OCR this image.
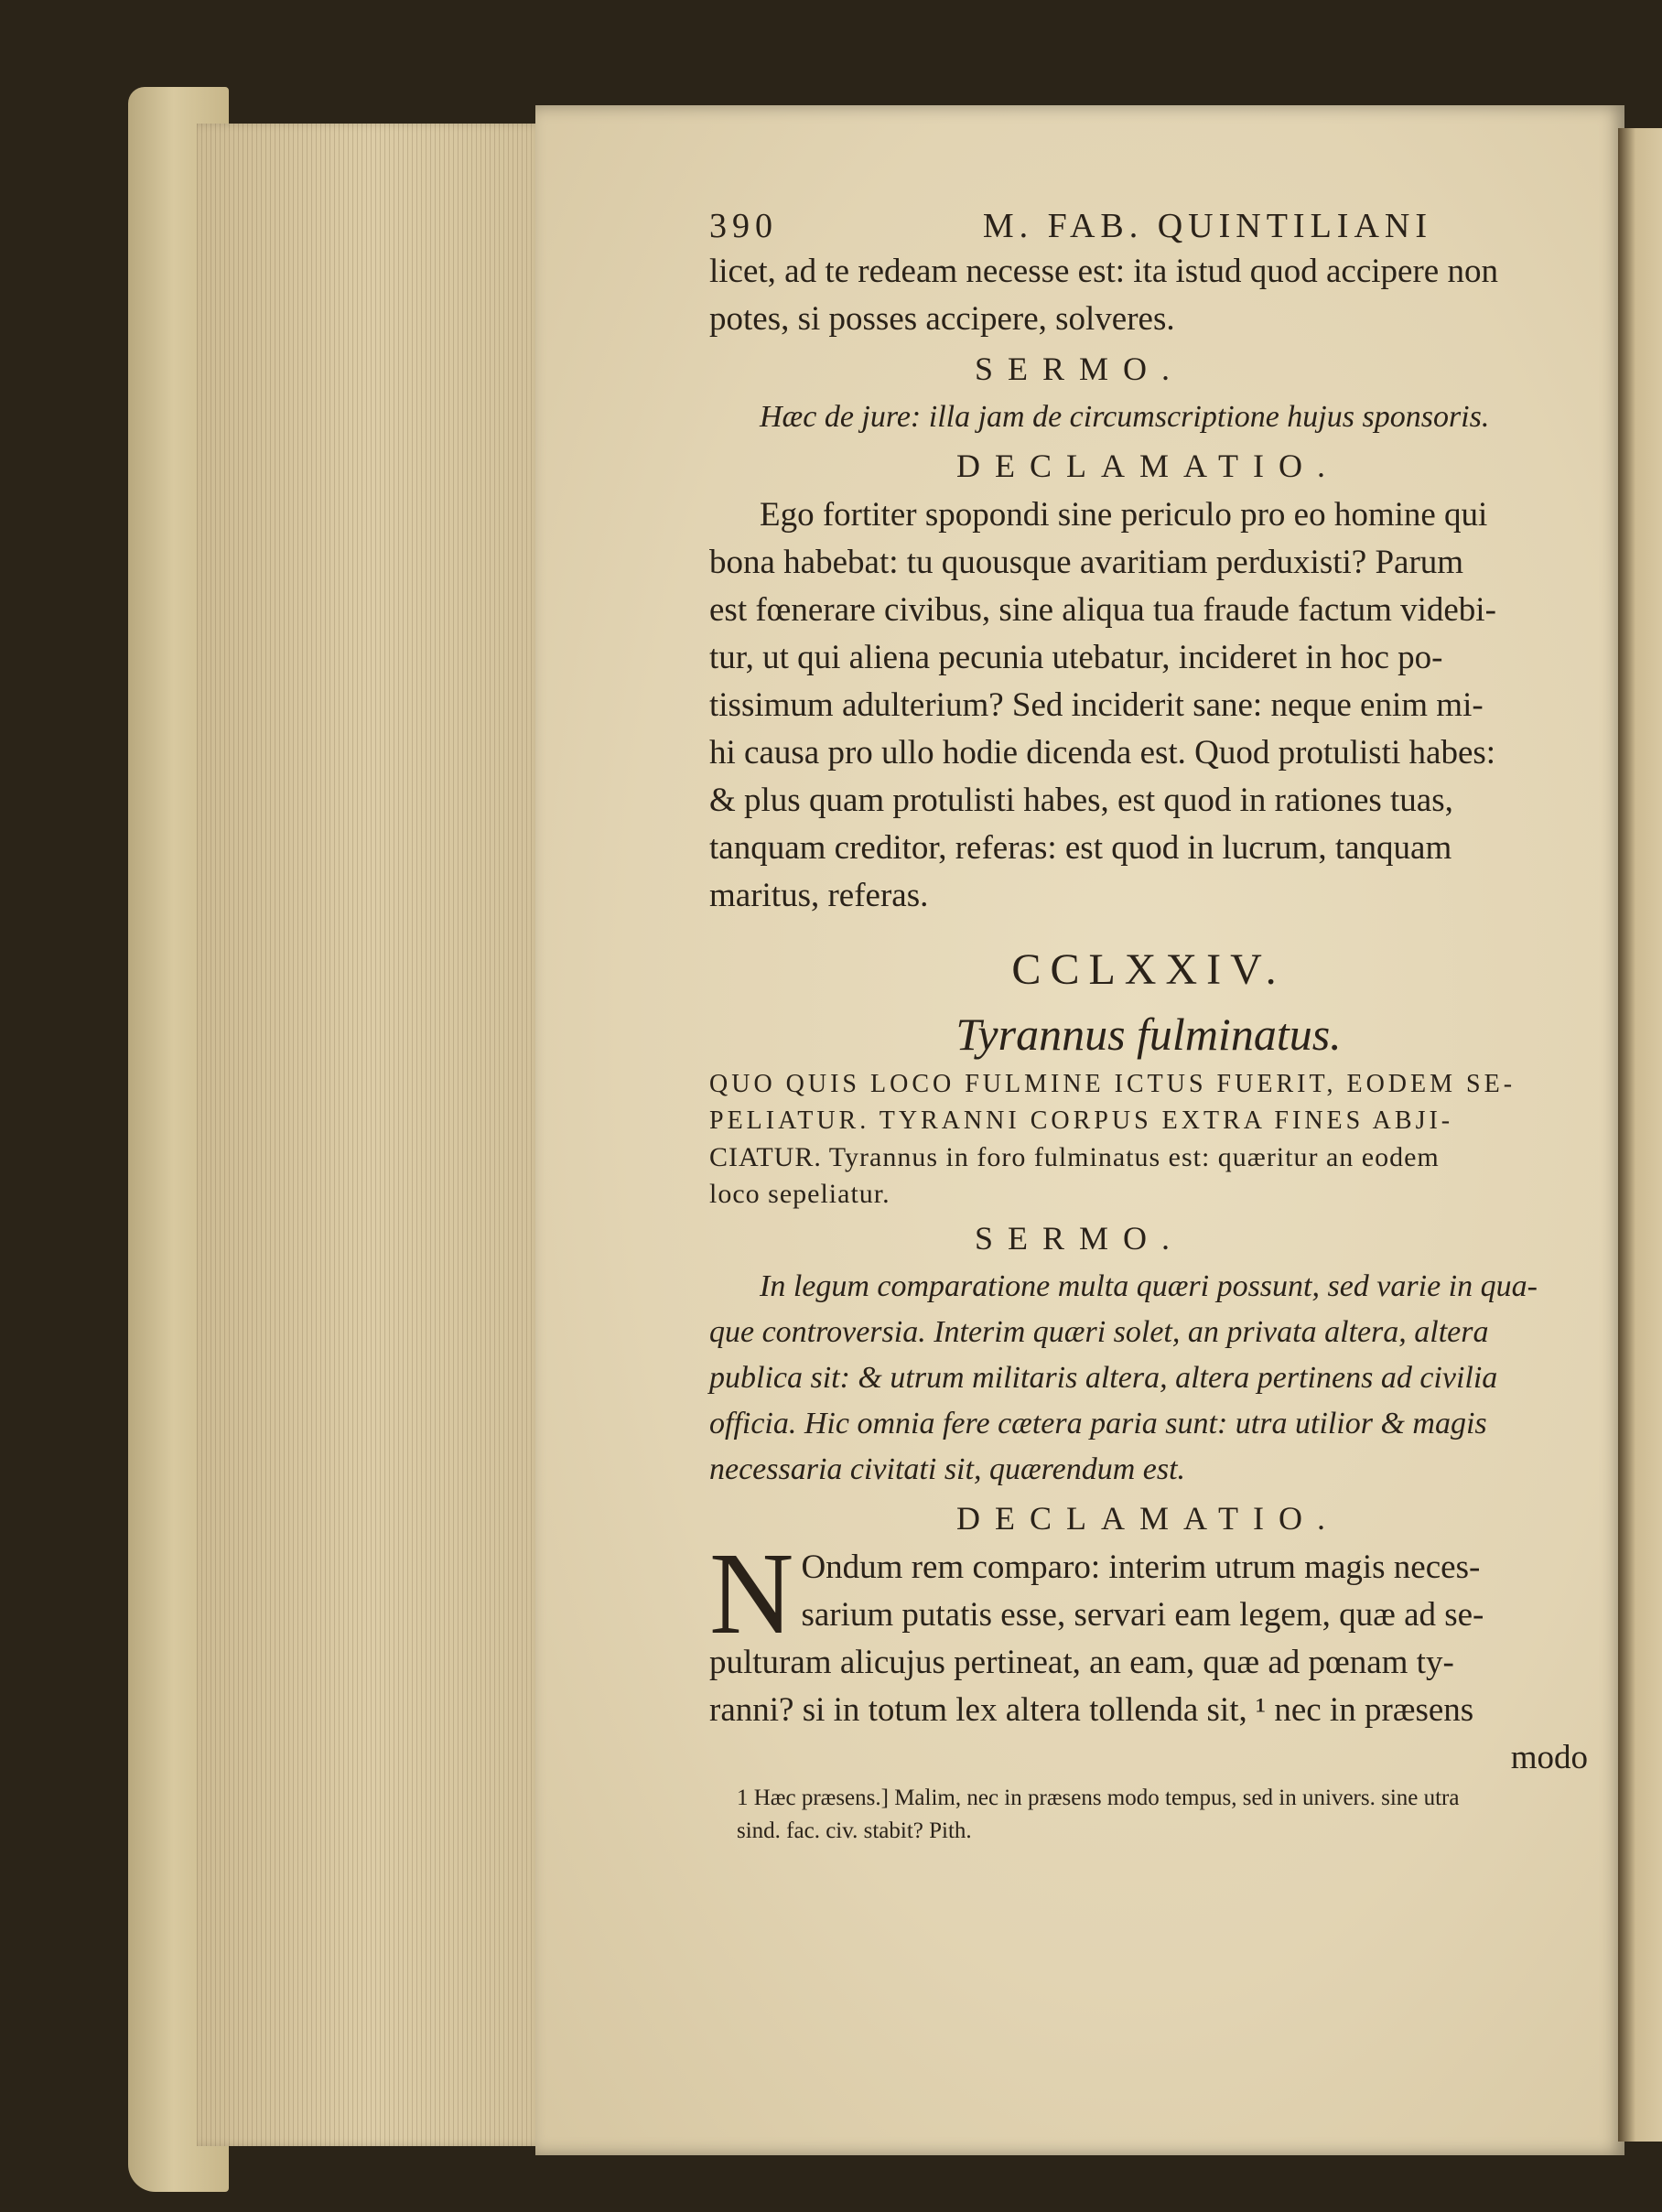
390	M. FAB. QUINTILIANI
licet, ad te redeam necesse est: ita istud quod accipere non
potes, si posses accipere, solveres.
SERMO.
Hæc de jure: illa jam de circumscriptione hujus sponsoris.
DECLAMATIO.
Ego fortiter spopondi sine periculo pro eo homine qui
bona habebat: tu quousque avaritiam perduxisti? Parum
est fœnerare civibus, sine aliqua tua fraude factum videbi-
tur, ut qui aliena pecunia utebatur, incideret in hoc po-
tissimum adulterium? Sed inciderit sane: neque enim mi-
hi causa pro ullo hodie dicenda est. Quod protulisti habes:
& plus quam protulisti habes, est quod in rationes tuas,
tanquam creditor, referas: est quod in lucrum, tanquam
maritus, referas.
CCLXXIV.
Tyrannus fulminatus.
QUO QUIS LOCO FULMINE ICTUS FUERIT, EODEM SE-
PELIATUR. TYRANNI CORPUS EXTRA FINES ABJI-
CIATUR. Tyrannus in foro fulminatus est: quæritur an eodem
loco sepeliatur.
SERMO.
In legum comparatione multa quæri possunt, sed varie in qua-
que controversia. Interim quæri solet, an privata altera, altera
publica sit: & utrum militaris altera, altera pertinens ad civilia
officia. Hic omnia fere cætera paria sunt: utra utilior & magis
necessaria civitati sit, quærendum est.
DECLAMATIO.
N Ondum rem comparo: interim utrum magis neces-
sarium putatis esse, servari eam legem, quæ ad se-
pulturam alicujus pertineat, an eam, quæ ad pœnam ty-
ranni? si in totum lex altera tollenda sit, ¹ nec in præsens
modo
1 Hæc præsens.] Malim, nec in præsens modo tempus, sed in univers. sine utra
sind. fac. civ. stabit? Pith.
